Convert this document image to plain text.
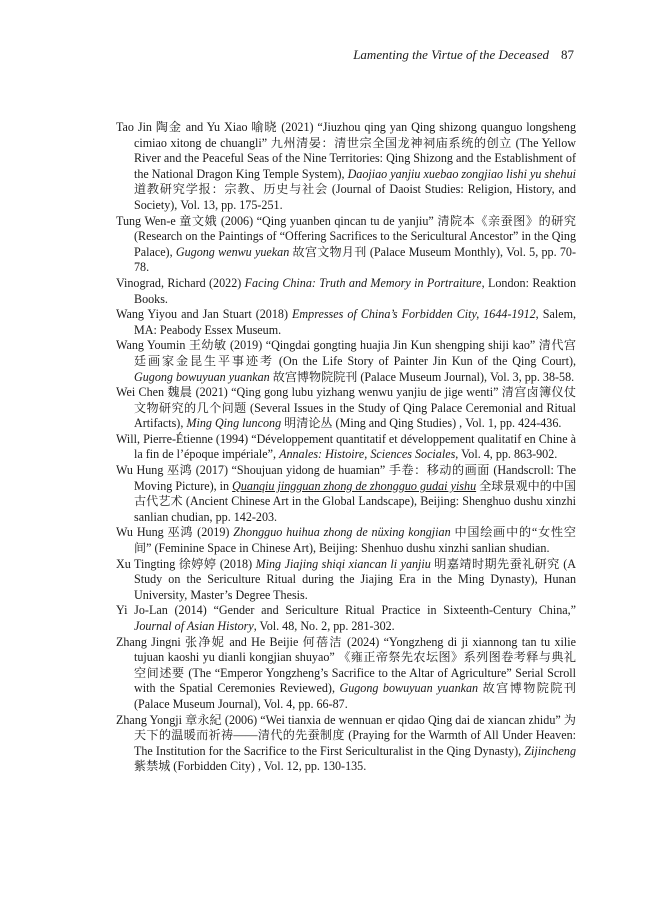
Lamenting the Virtue of the Deceased 87

Tao Jin 陶金 and Yu Xiao 喻晓 (2021) “Jiuzhou qing yan Qing shizong quanguo longsheng cimiao xitong de chuangli” 九州清晏：清世宗全国龙神祠庙系统的创立 (The Yellow River and the Peaceful Seas of the Nine Territories: Qing Shizong and the Establishment of the National Dragon King Temple System), Daojiao yanjiu xuebao zongjiao lishi yu shehui 道教研究学报：宗教、历史与社会 (Journal of Daoist Studies: Religion, History, and Society), Vol. 13, pp. 175-251.

Tung Wen-e 童文娥 (2006) “Qing yuanben qincan tu de yanjiu” 清院本《亲蚕图》的研究 (Research on the Paintings of “Offering Sacrifices to the Sericultural Ancestor” in the Qing Palace), Gugong wenwu yuekan 故宫文物月刊 (Palace Museum Monthly), Vol. 5, pp. 70-78.

Vinograd, Richard (2022) Facing China: Truth and Memory in Portraiture, London: Reaktion Books.

Wang Yiyou and Jan Stuart (2018) Empresses of China’s Forbidden City, 1644-1912, Salem, MA: Peabody Essex Museum.

Wang Youmin 王幼敏 (2019) “Qingdai gongting huajia Jin Kun shengping shiji kao” 清代宫廷画家金昆生平事迹考 (On the Life Story of Painter Jin Kun of the Qing Court), Gugong bowuyuan yuankan 故宫博物院院刊 (Palace Museum Journal), Vol. 3, pp. 38-58.

Wei Chen 魏晨 (2021) “Qing gong lubu yizhang wenwu yanjiu de jige wenti” 清宫卤簿仪仗文物研究的几个问题 (Several Issues in the Study of Qing Palace Ceremonial and Ritual Artifacts), Ming Qing luncong 明清论丛 (Ming and Qing Studies) , Vol. 1, pp. 424-436.

Will, Pierre-Étienne (1994) “Développement quantitatif et développement qualitatif en Chine à la fin de l’époque impériale”, Annales: Histoire, Sciences Sociales, Vol. 4, pp. 863-902.

Wu Hung 巫鸿 (2017) “Shoujuan yidong de huamian” 手卷：移动的画面 (Handscroll: The Moving Picture), in Quanqiu jingguan zhong de zhongguo gudai yishu 全球景观中的中国古代艺术 (Ancient Chinese Art in the Global Landscape), Beijing: Shenghuo dushu xinzhi sanlian chudian, pp. 142-203.

Wu Hung 巫鸿 (2019) Zhongguo huihua zhong de nüxing kongjian 中国绘画中的“女性空间” (Feminine Space in Chinese Art), Beijing: Shenhuo dushu xinzhi sanlian shudian.

Xu Tingting 徐婷婷 (2018) Ming Jiajing shiqi xiancan li yanjiu 明嘉靖时期先蚕礼研究 (A Study on the Sericulture Ritual during the Jiajing Era in the Ming Dynasty), Hunan University, Master’s Degree Thesis.

Yi Jo-Lan (2014) “Gender and Sericulture Ritual Practice in Sixteenth-Century China,” Journal of Asian History, Vol. 48, No. 2, pp. 281-302.

Zhang Jingni 张净妮 and He Beijie 何蓓洁 (2024) “Yongzheng di ji xiannong tan tu xilie tujuan kaoshi yu dianli kongjian shuyao” 《雍正帝祭先农坛图》系列图卷考释与典礼空间述要 (The “Emperor Yongzheng’s Sacrifice to the Altar of Agriculture” Serial Scroll with the Spatial Ceremonies Reviewed), Gugong bowuyuan yuankan 故宫博物院院刊 (Palace Museum Journal), Vol. 4, pp. 66-87.

Zhang Yongji 章永紀 (2006) “Wei tianxia de wennuan er qidao Qing dai de xiancan zhidu” 为天下的温暖而祈祷——清代的先蚕制度 (Praying for the Warmth of All Under Heaven: The Institution for the Sacrifice to the First Sericulturalist in the Qing Dynasty), Zijincheng 紫禁城 (Forbidden City) , Vol. 12, pp. 130-135.
